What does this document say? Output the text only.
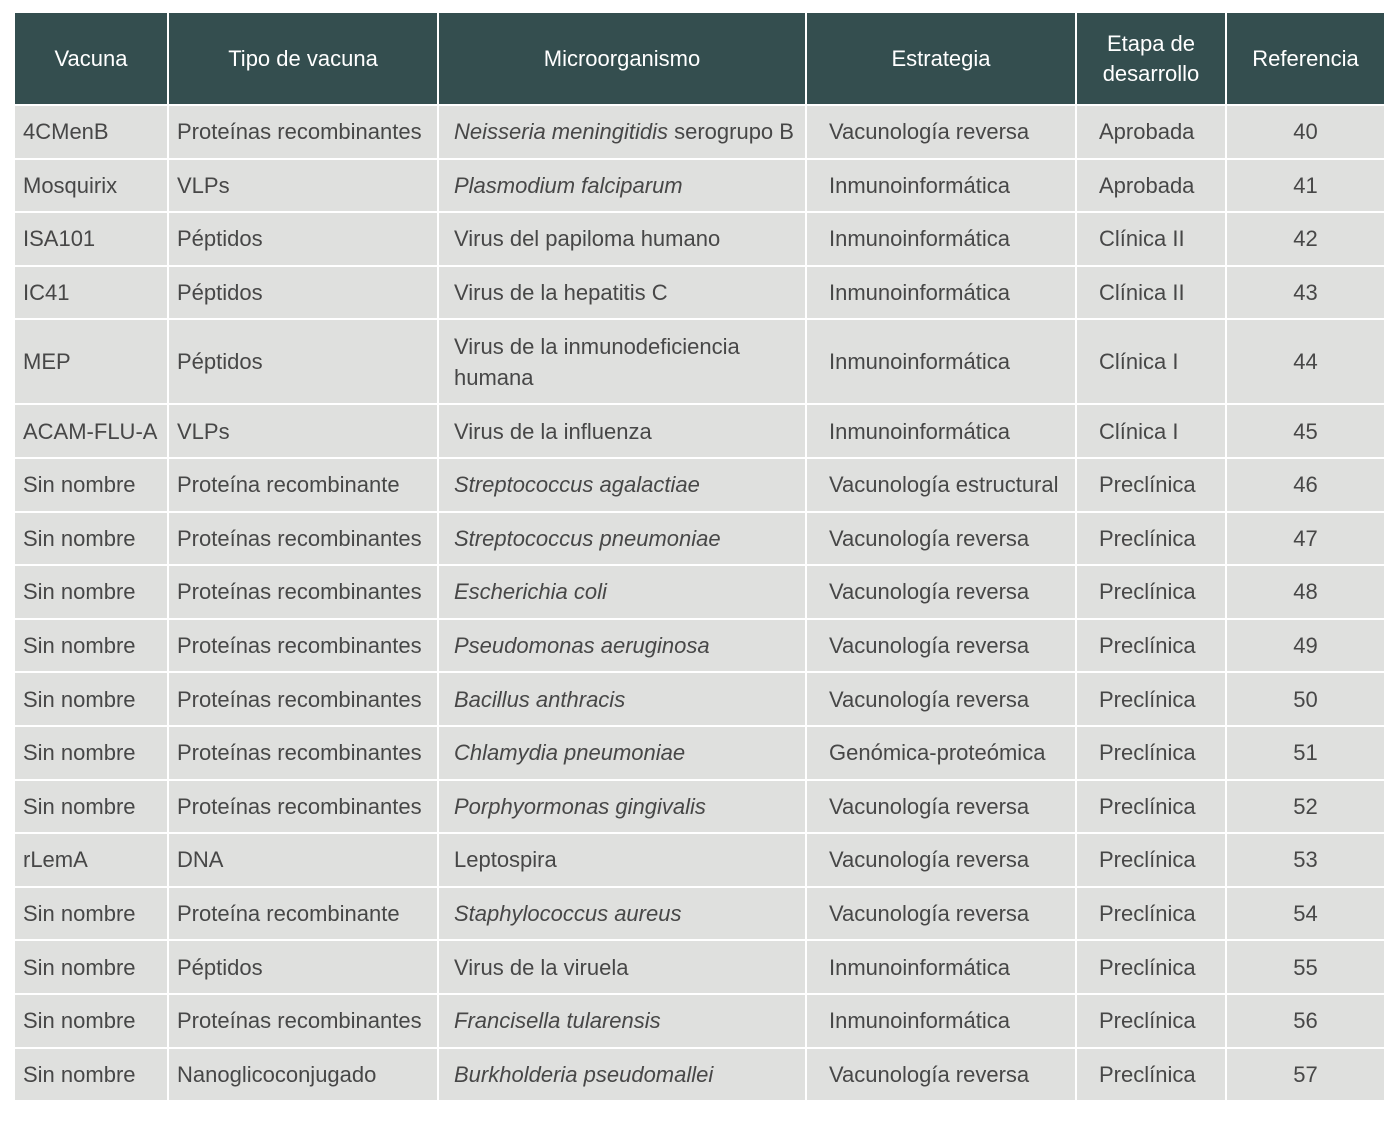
Vacuna	Tipo de vacuna	Microorganismo	Estrategia	Etapa de desarrollo	Referencia
4CMenB	Proteínas recombinantes	Neisseria meningitidis serogrupo B	Vacunología reversa	Aprobada	40
Mosquirix	VLPs	Plasmodium falciparum	Inmunoinformática	Aprobada	41
ISA101	Péptidos	Virus del papiloma humano	Inmunoinformática	Clínica II	42
IC41	Péptidos	Virus de la hepatitis C	Inmunoinformática	Clínica II	43
MEP	Péptidos	Virus de la inmunodeficiencia humana	Inmunoinformática	Clínica I	44
ACAM-FLU-A	VLPs	Virus de la influenza	Inmunoinformática	Clínica I	45
Sin nombre	Proteína recombinante	Streptococcus agalactiae	Vacunología estructural	Preclínica	46
Sin nombre	Proteínas recombinantes	Streptococcus pneumoniae	Vacunología reversa	Preclínica	47
Sin nombre	Proteínas recombinantes	Escherichia coli	Vacunología reversa	Preclínica	48
Sin nombre	Proteínas recombinantes	Pseudomonas aeruginosa	Vacunología reversa	Preclínica	49
Sin nombre	Proteínas recombinantes	Bacillus anthracis	Vacunología reversa	Preclínica	50
Sin nombre	Proteínas recombinantes	Chlamydia pneumoniae	Genómica-proteómica	Preclínica	51
Sin nombre	Proteínas recombinantes	Porphyormonas gingivalis	Vacunología reversa	Preclínica	52
rLemA	DNA	Leptospira	Vacunología reversa	Preclínica	53
Sin nombre	Proteína recombinante	Staphylococcus aureus	Vacunología reversa	Preclínica	54
Sin nombre	Péptidos	Virus de la viruela	Inmunoinformática	Preclínica	55
Sin nombre	Proteínas recombinantes	Francisella tularensis	Inmunoinformática	Preclínica	56
Sin nombre	Nanoglicoconjugado	Burkholderia pseudomallei	Vacunología reversa	Preclínica	57
